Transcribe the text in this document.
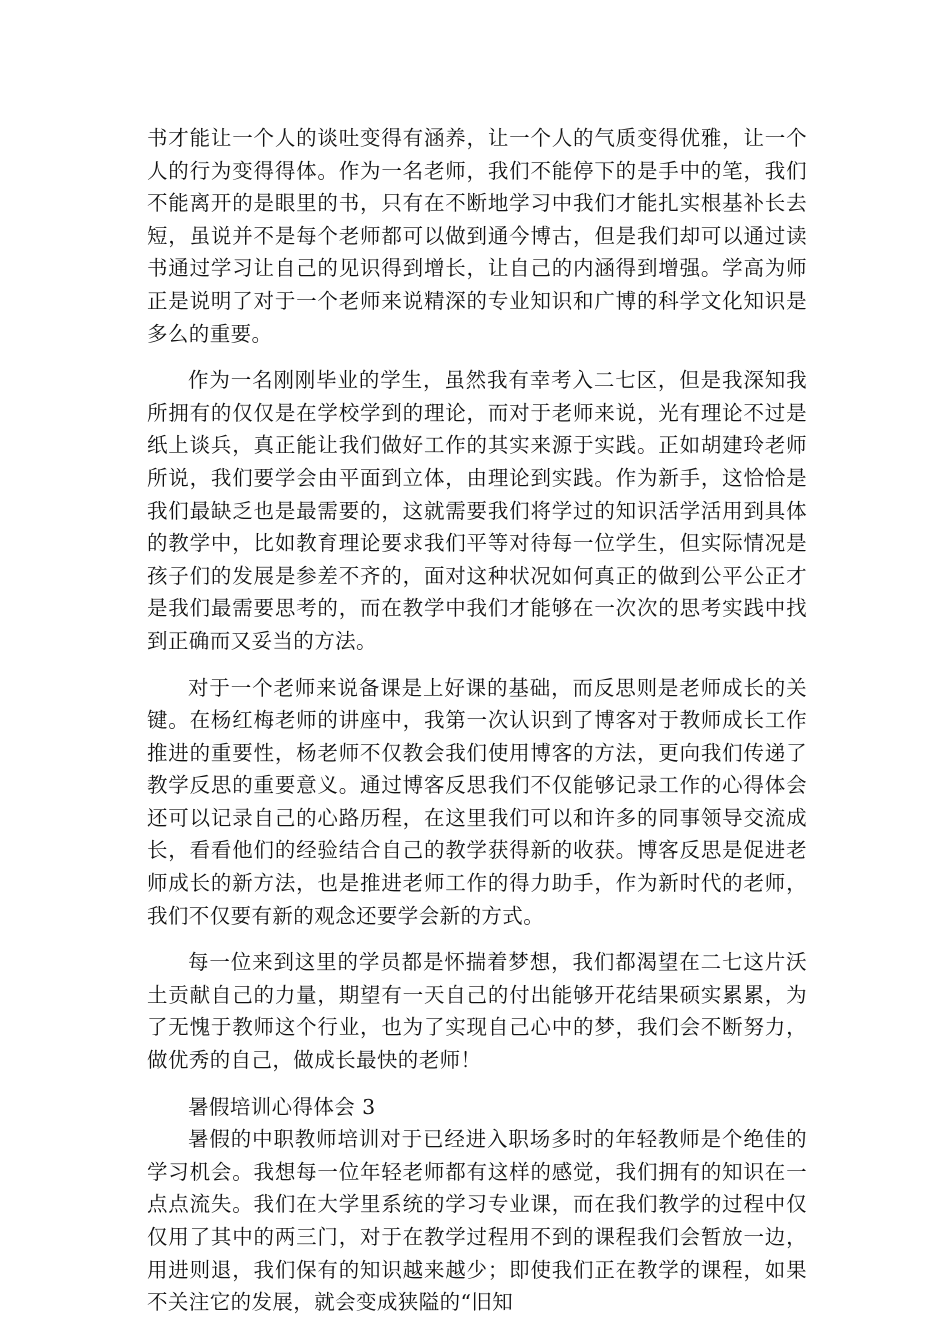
书才能让一个人的谈吐变得有涵养，让一个人的气质变得优雅，让一个人的行为变得得体。作为一名老师，我们不能停下的是手中的笔，我们不能离开的是眼里的书，只有在不断地学习中我们才能扎实根基补长去短，虽说并不是每个老师都可以做到通今博古，但是我们却可以通过读书通过学习让自己的见识得到增长，让自己的内涵得到增强。学高为师正是说明了对于一个老师来说精深的专业知识和广博的科学文化知识是多么的重要。

作为一名刚刚毕业的学生，虽然我有幸考入二七区，但是我深知我所拥有的仅仅是在学校学到的理论，而对于老师来说，光有理论不过是纸上谈兵，真正能让我们做好工作的其实来源于实践。正如胡建玲老师所说，我们要学会由平面到立体，由理论到实践。作为新手，这恰恰是我们最缺乏也是最需要的，这就需要我们将学过的知识活学活用到具体的教学中，比如教育理论要求我们平等对待每一位学生，但实际情况是孩子们的发展是参差不齐的，面对这种状况如何真正的做到公平公正才是我们最需要思考的，而在教学中我们才能够在一次次的思考实践中找到正确而又妥当的方法。

对于一个老师来说备课是上好课的基础，而反思则是老师成长的关键。在杨红梅老师的讲座中，我第一次认识到了博客对于教师成长工作推进的重要性，杨老师不仅教会我们使用博客的方法，更向我们传递了教学反思的重要意义。通过博客反思我们不仅能够记录工作的心得体会还可以记录自己的心路历程，在这里我们可以和许多的同事领导交流成长，看看他们的经验结合自己的教学获得新的收获。博客反思是促进老师成长的新方法，也是推进老师工作的得力助手，作为新时代的老师，我们不仅要有新的观念还要学会新的方式。

每一位来到这里的学员都是怀揣着梦想，我们都渴望在二七这片沃土贡献自己的力量，期望有一天自己的付出能够开花结果硕实累累，为了无愧于教师这个行业，也为了实现自己心中的梦，我们会不断努力，做优秀的自己，做成长最快的老师！

暑假培训心得体会 3

暑假的中职教师培训对于已经进入职场多时的年轻教师是个绝佳的学习机会。我想每一位年轻老师都有这样的感觉，我们拥有的知识在一点点流失。我们在大学里系统的学习专业课，而在我们教学的过程中仅仅用了其中的两三门，对于在教学过程用不到的课程我们会暂放一边，用进则退，我们保有的知识越来越少；即使我们正在教学的课程，如果不关注它的发展，就会变成狭隘的“旧知
